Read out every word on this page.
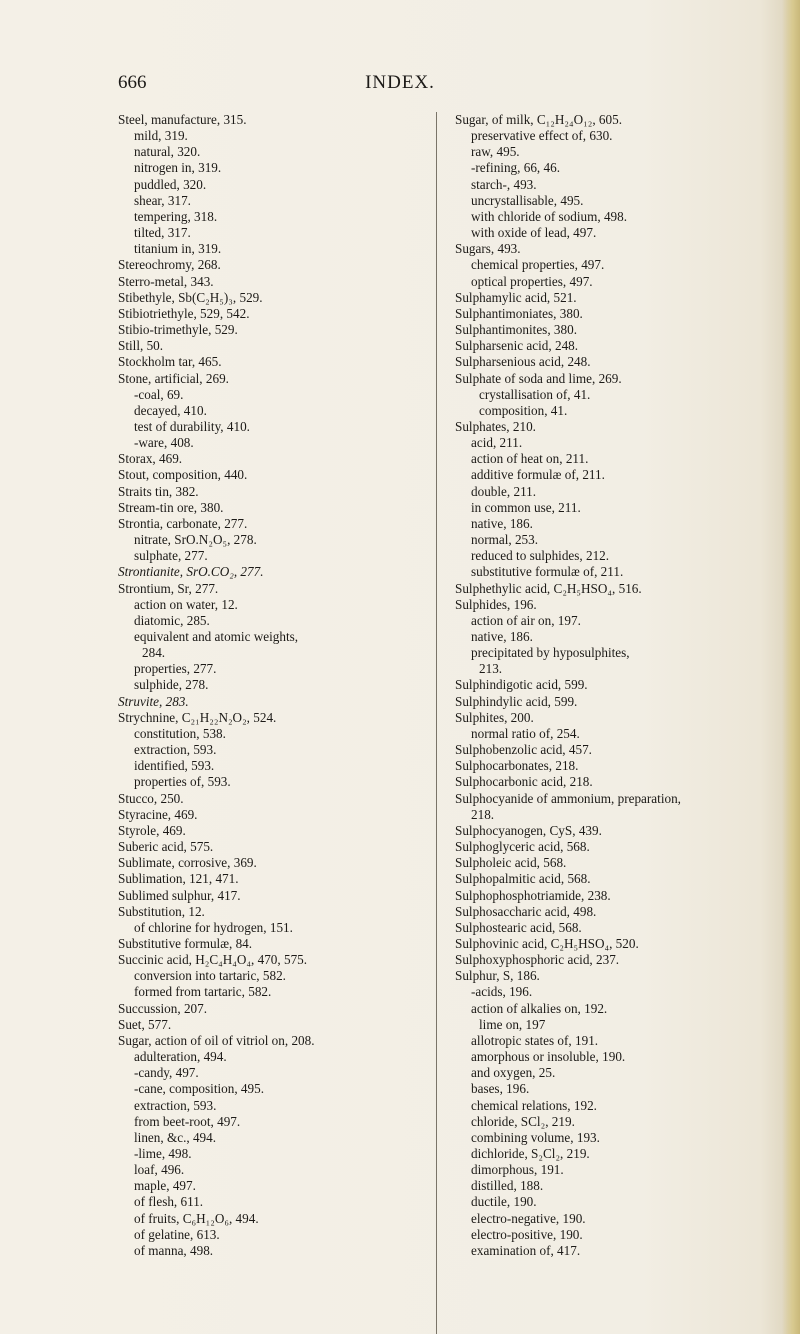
INDEX.
666
Steel, manufacture, 315.
mild, 319.
natural, 320.
nitrogen in, 319.
puddled, 320.
shear, 317.
tempering, 318.
tilted, 317.
titanium in, 319.
Stereochromy, 268.
Sterro-metal, 343.
Stibethyle, Sb(C₂H₅)₃, 529.
Stibiotriethyle, 529, 542.
Stibio-trimethyle, 529.
Still, 50.
Stockholm tar, 465.
Stone, artificial, 269.
-coal, 69.
decayed, 410.
test of durability, 410.
-ware, 408.
Storax, 469.
Stout, composition, 440.
Straits tin, 382.
Stream-tin ore, 380.
Strontia, carbonate, 277.
nitrate, SrO.N₂O₅, 278.
sulphate, 277.
Strontianite, SrO.CO₂, 277.
Strontium, Sr, 277.
action on water, 12.
diatomic, 285.
equivalent and atomic weights,
284.
properties, 277.
sulphide, 278.
Struvite, 283.
Strychnine, C₂₁H₂₂N₂O₂, 524.
constitution, 538.
extraction, 593.
identified, 593.
properties of, 593.
Stucco, 250.
Styracine, 469.
Styrole, 469.
Suberic acid, 575.
Sublimate, corrosive, 369.
Sublimation, 121, 471.
Sublimed sulphur, 417.
Substitution, 12.
of chlorine for hydrogen, 151.
Substitutive formulæ, 84.
Succinic acid, H₂C₄H₄O₄, 470, 575.
conversion into tartaric, 582.
formed from tartaric, 582.
Succussion, 207.
Suet, 577.
Sugar, action of oil of vitriol on, 208.
adulteration, 494.
-candy, 497.
-cane, composition, 495.
extraction, 593.
from beet-root, 497.
linen, &c., 494.
-lime, 498.
loaf, 496.
maple, 497.
of flesh, 611.
of fruits, C₆H₁₂O₆, 494.
of gelatine, 613.
of manna, 498.
Sugar, of milk, C₁₂H₂₄O₁₂, 605.
preservative effect of, 630.
raw, 495.
-refining, 66, 46.
starch-, 493.
uncrystallisable, 495.
with chloride of sodium, 498.
with oxide of lead, 497.
Sugars, 493.
chemical properties, 497.
optical properties, 497.
Sulphamylic acid, 521.
Sulphantimoniates, 380.
Sulphantimonites, 380.
Sulpharsenic acid, 248.
Sulpharsenious acid, 248.
Sulphate of soda and lime, 269.
crystallisation of, 41.
composition, 41.
Sulphates, 210.
acid, 211.
action of heat on, 211.
additive formulæ of, 211.
double, 211.
in common use, 211.
native, 186.
normal, 253.
reduced to sulphides, 212.
substitutive formulæ of, 211.
Sulphethylic acid, C₂H₅HSO₄, 516.
Sulphides, 196.
action of air on, 197.
native, 186.
precipitated by hyposulphites,
213.
Sulphindigotic acid, 599.
Sulphindylic acid, 599.
Sulphites, 200.
normal ratio of, 254.
Sulphobenzolic acid, 457.
Sulphocarbonates, 218.
Sulphocarbonic acid, 218.
Sulphocyanide of ammonium, preparation,
218.
Sulphocyanogen, CyS, 439.
Sulphoglyceric acid, 568.
Sulpholeic acid, 568.
Sulphopalmitic acid, 568.
Sulphophosphotriamide, 238.
Sulphosaccharic acid, 498.
Sulphostearic acid, 568.
Sulphovinic acid, C₂H₅HSO₄, 520.
Sulphoxyphosphoric acid, 237.
Sulphur, S, 186.
-acids, 196.
action of alkalies on, 192.
lime on, 197
allotropic states of, 191.
amorphous or insoluble, 190.
and oxygen, 25.
bases, 196.
chemical relations, 192.
chloride, SCl₂, 219.
combining volume, 193.
dichloride, S₂Cl₂, 219.
dimorphous, 191.
distilled, 188.
ductile, 190.
electro-negative, 190.
electro-positive, 190.
examination of, 417.
